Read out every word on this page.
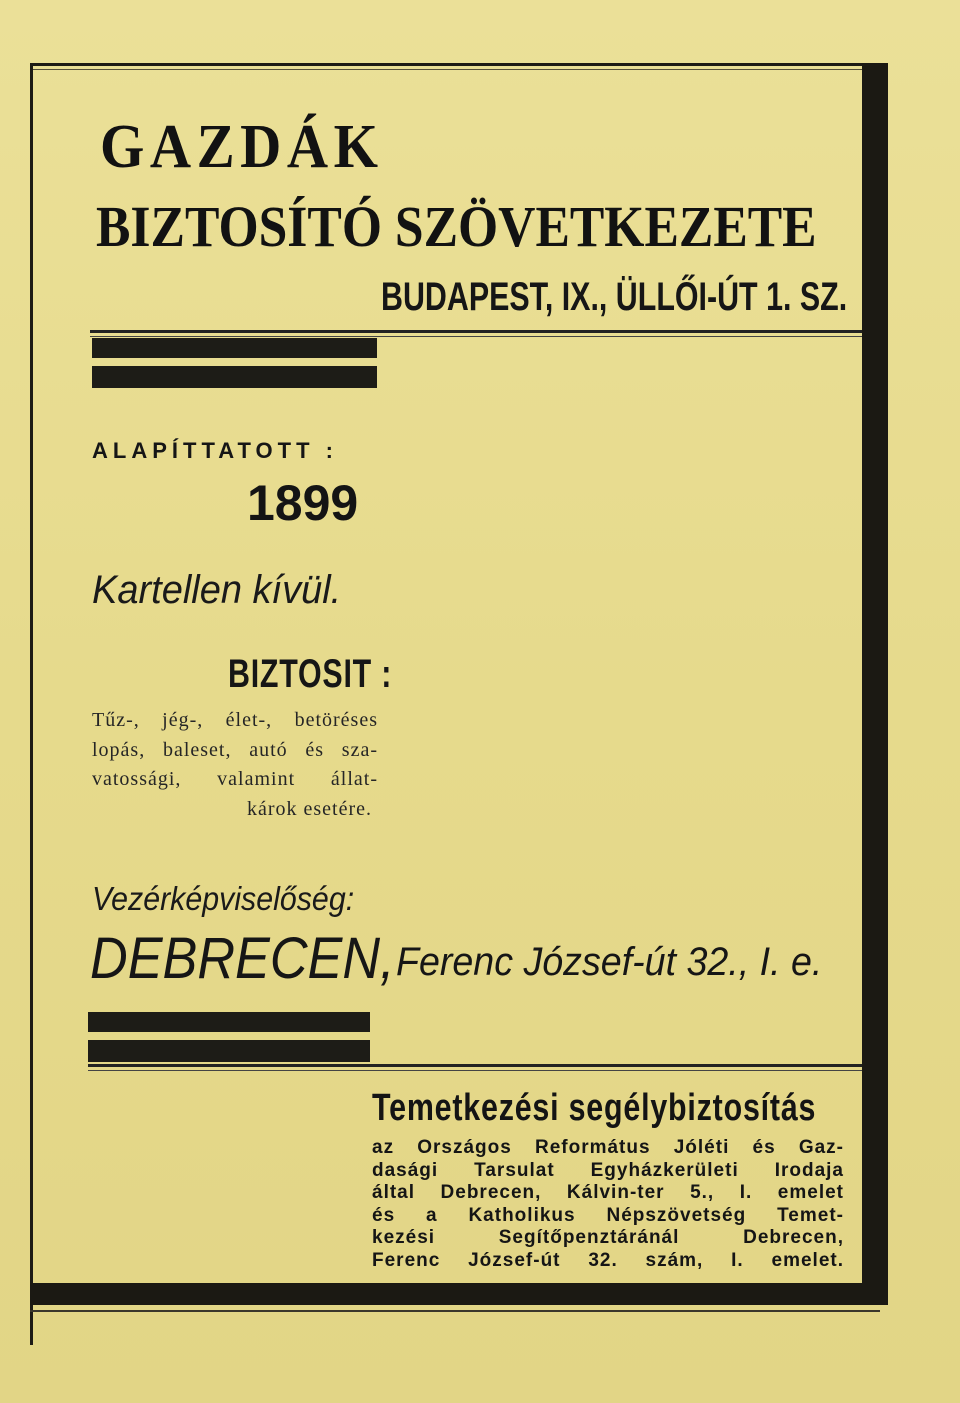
GAZDÁK
BIZTOSÍTÓ SZÖVETKEZETE
BUDAPEST, IX., ÜLLŐI-ÚT 1. SZ.
ALAPÍTTATOTT :
1899
Kartellen kívül.
BIZTOSIT :
Tűz-, jég-, élet-, betöréses
lopás, baleset, autó és sza-
vatossági, valamint állat-
károk esetére.
Vezérképviselőség:
DEBRECEN, Ferenc József-út 32., I. e.
Temetkezési segélybiztosítás
az Országos Református Jóléti és Gaz-
dasági Tarsulat Egyházkerületi Irodaja
által Debrecen, Kálvin-ter 5., I. emelet
és a Katholikus Népszövetség Temet-
kezési Segítőpenztáránál Debrecen,
Ferenc József-út 32. szám, I. emelet.
